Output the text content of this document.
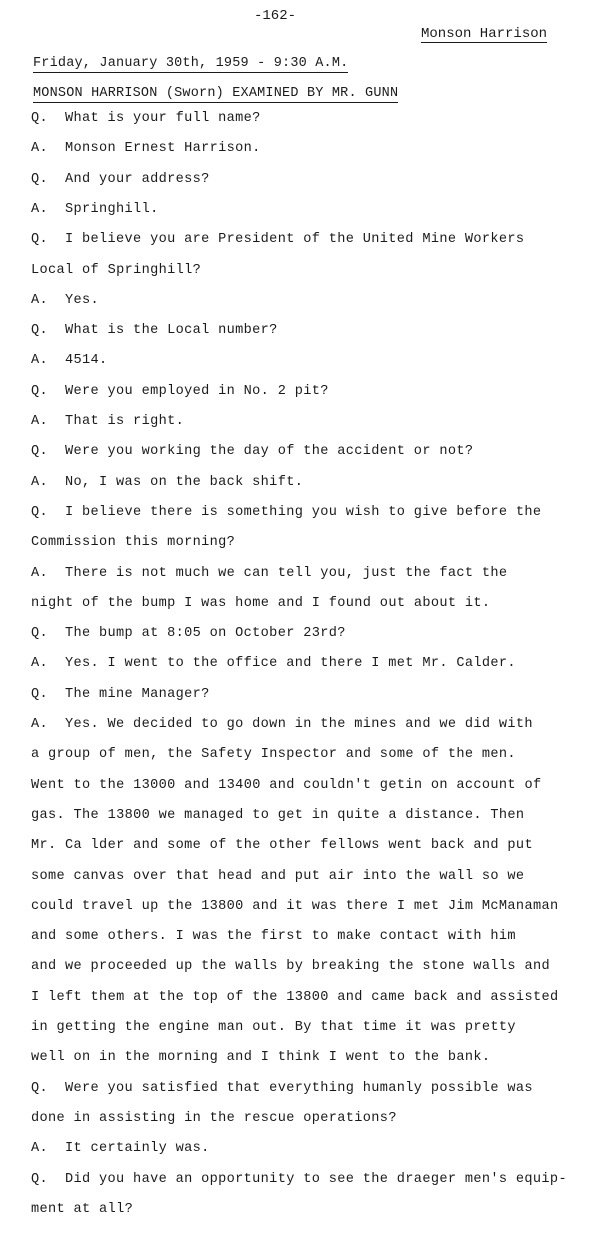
-162-
Monson Harrison
Friday, January 30th, 1959 - 9:30 A.M.
MONSON HARRISON (Sworn) EXAMINED BY MR. GUNN
Q. What is your full name?
A. Monson Ernest Harrison.
Q. And your address?
A. Springhill.
Q. I believe you are President of the United Mine Workers
Local of Springhill?
A. Yes.
Q. What is the Local number?
A. 4514.
Q. Were you employed in No. 2 pit?
A. That is right.
Q. Were you working the day of the accident or not?
A. No, I was on the back shift.
Q. I believe there is something you wish to give before the
Commission this morning?
A. There is not much we can tell you, just the fact the
night of the bump I was home and I found out about it.
Q. The bump at 8:05 on October 23rd?
A. Yes. I went to the office and there I met Mr. Calder.
Q. The mine Manager?
A. Yes. We decided to go down in the mines and we did with
a group of men, the Safety Inspector and some of the men.
Went to the 13000 and 13400 and couldn't getin on account of
gas. The 13800 we managed to get in quite a distance. Then
Mr. Ca lder and some of the other fellows went back and put
some canvas over that head and put air into the wall so we
could travel up the 13800 and it was there I met Jim McManaman
and some others. I was the first to make contact with him
and we proceeded up the walls by breaking the stone walls and
I left them at the top of the 13800 and came back and assisted
in getting the engine man out. By that time it was pretty
well on in the morning and I think I went to the bank.
Q. Were you satisfied that everything humanly possible was
done in assisting in the rescue operations?
A. It certainly was.
Q. Did you have an opportunity to see the draeger men's equip-
ment at all?
